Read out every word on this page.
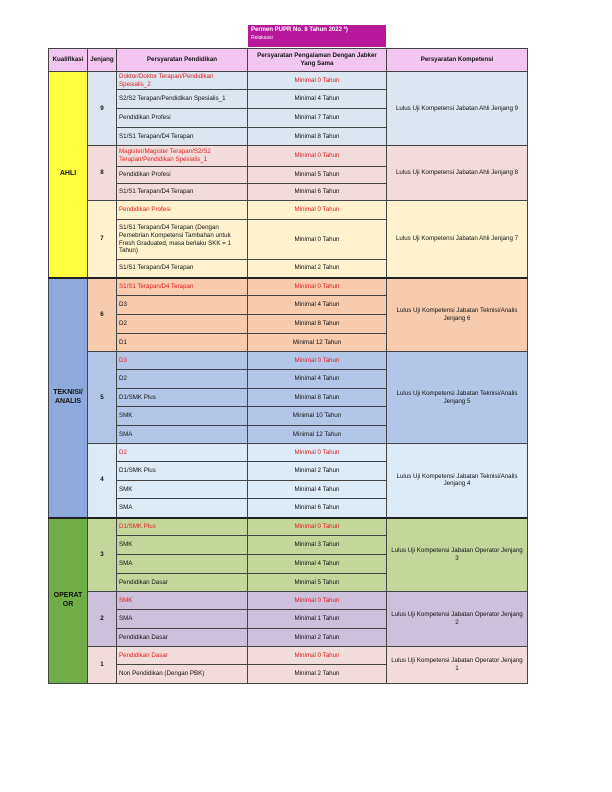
Permen PUPR No. 8 Tahun 2022 *)
Relaksasi
Kualifikasi	Jenjang	Persyaratan Pendidikan	Persyaratan Pengalaman Dengan Jabker Yang Sama	Persyaratan Kompetensi
AHLI	9	Doktor/Doktor Terapan/Pendidikan Spesialis_2	Minimal 0 Tahun	Lulus Uji Kompetensi Jabatan Ahli Jenjang 9
		S2/S2 Terapan/Pendidikan Spesialis_1	Minimal 4 Tahun	
		Pendidikan Profesi	Minimal 7 Tahun	
		S1/S1 Terapan/D4 Terapan	Minimal 8 Tahun	
	8	Magister/Magister Terapan/S2/S2 Terapan/Pendidikan Spesialis_1	Minimal 0 Tahun	Lulus Uji Kompetensi Jabatan Ahli Jenjang 8
		Pendidikan Profesi	Minimal 5 Tahun	
		S1/S1 Terapan/D4 Terapan	Minimal 6 Tahun	
	7	Pendidikan Profesi	Minimal 0 Tahun	Lulus Uji Kompetensi Jabatan Ahli Jenjang 7
		S1/S1 Terapan/D4 Terapan (Dengan Pemebrian Kompetensi Tambahan untuk Fresh Graduated, masa berlaku SKK = 1 Tahun)	Minimal 0 Tahun	
		S1/S1 Terapan/D4 Terapan	Minimal 2 Tahun	
TEKNISI/ ANALIS	6	S1/S1 Terapan/D4 Terapan	Minimal 0 Tahun	Lulus Uji Kompetensi Jabatan Teknisi/Analis Jenjang 6
		D3	Minimal 4 Tahun	
		D2	Minimal 8 Tahun	
		D1	Minimal 12 Tahun	
	5	D3	Minimal 0 Tahun	Lulus Uji Kompetensi Jabatan Teknisi/Analis Jenjang 5
		D2	Minimal 4 Tahun	
		D1/SMK Plus	Minimal 8 Tahun	
		SMK	Minimal 10 Tahun	
		SMA	Minimal 12 Tahun	
	4	D2	Minimal 0 Tahun	Lulus Uji Kompetensi Jabatan Teknisi/Analis Jenjang 4
		D1/SMK Plus	Minimal 2 Tahun	
		SMK	Minimal 4 Tahun	
		SMA	Minimal 6 Tahun	
OPERAT OR	3	D1/SMK Plus	Minimal 0 Tahun	Lulus Uji Kompetensi Jabatan Operator Jenjang 3
		SMK	Minimal 3 Tahun	
		SMA	Minimal 4 Tahun	
		Pendidikan Dasar	Minimal 5 Tahun	
	2	SMK	Minimal 0 Tahun	Lulus Uji Kompetensi Jabatan Operator Jenjang 2
		SMA	Minimal 1 Tahun	
		Pendidikan Dasar	Minimal 2 Tahun	
	1	Pendidikan Dasar	Minimal 0 Tahun	Lulus Uji Kompetensi Jabatan Operator Jenjang 1
		Non Pendidikan (Dengan PBK)	Minimal 2 Tahun	
